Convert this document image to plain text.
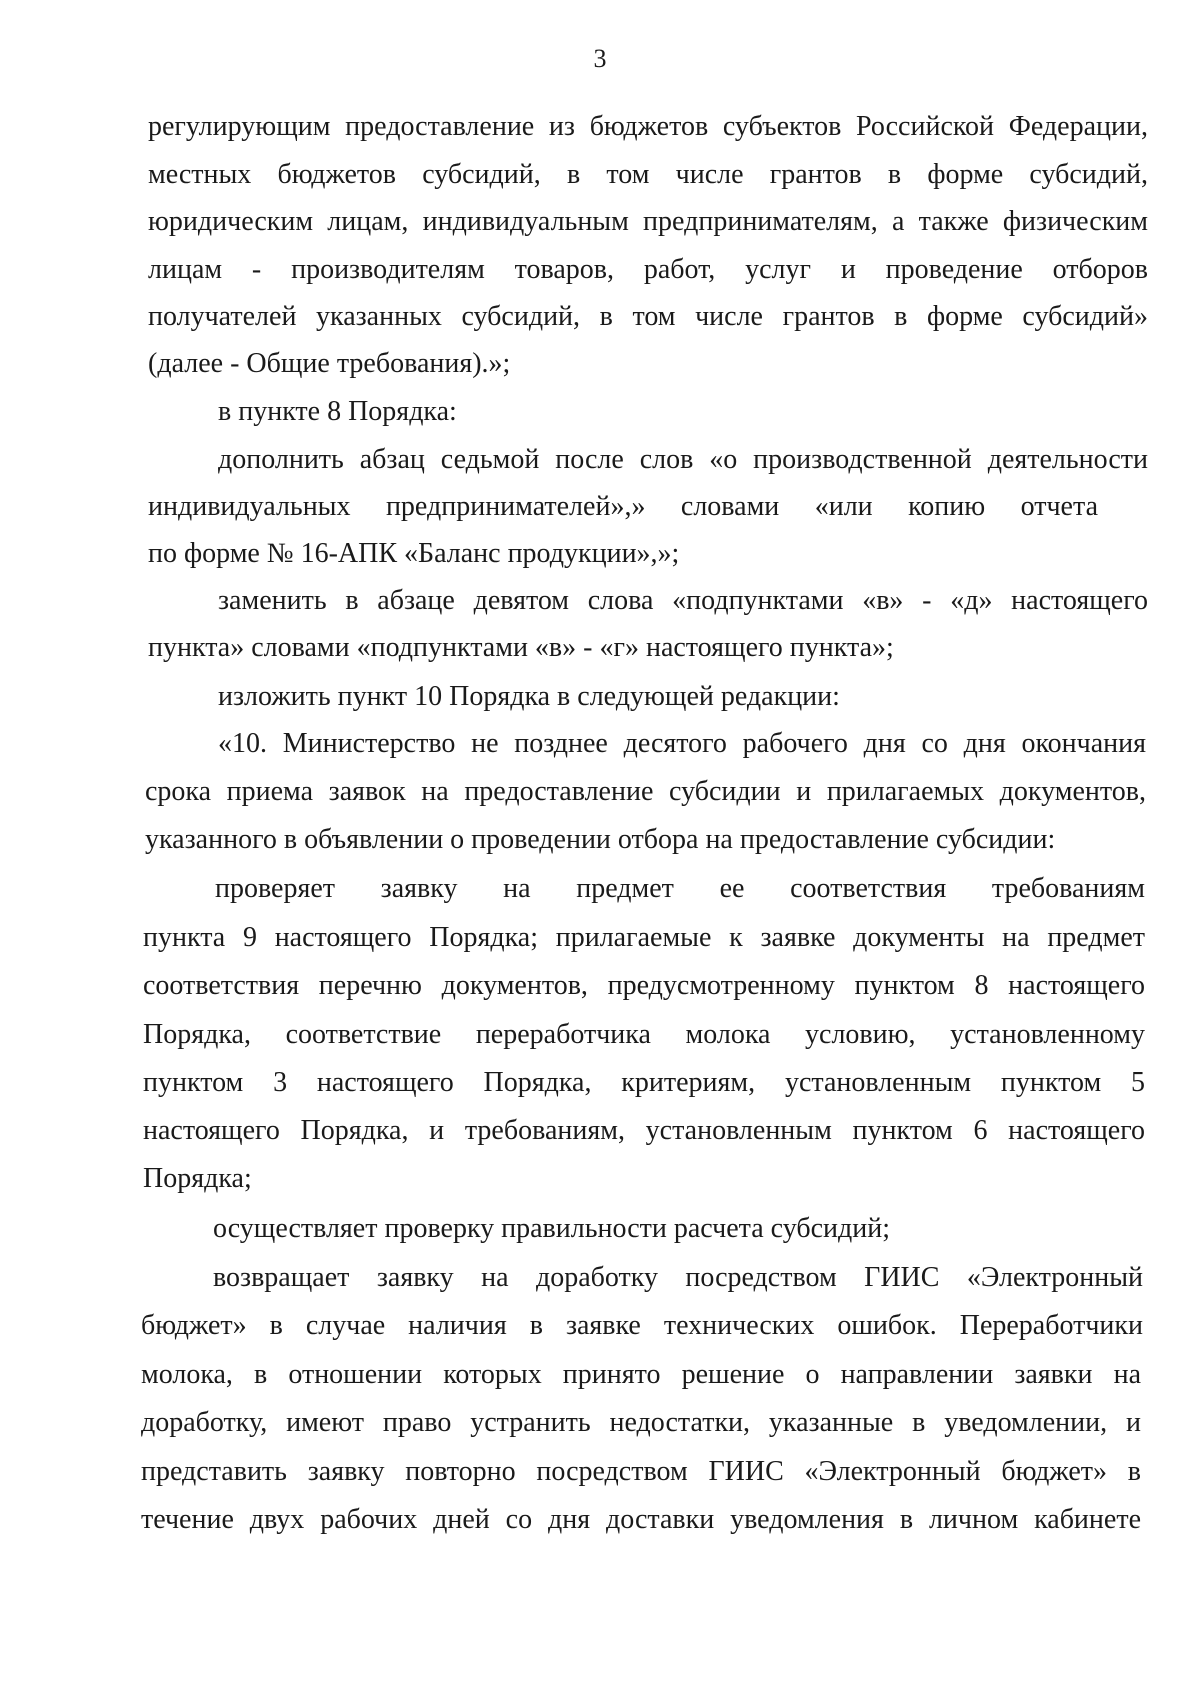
3
регулирующим предоставление из бюджетов субъектов Российской Федерации,
местных бюджетов субсидий, в том числе грантов в форме субсидий,
юридическим лицам, индивидуальным предпринимателям, а также физическим
лицам - производителям товаров, работ, услуг и проведение отборов
получателей указанных субсидий, в том числе грантов в форме субсидий»
(далее - Общие требования).»;
в пункте 8 Порядка:
дополнить абзац седьмой после слов «о производственной деятельности
индивидуальных предпринимателей»,» словами «или копию отчета
по форме № 16-АПК «Баланс продукции»,»;
заменить в абзаце девятом слова «подпунктами «в» - «д» настоящего
пункта» словами «подпунктами «в» - «г» настоящего пункта»;
изложить пункт 10 Порядка в следующей редакции:
«10. Министерство не позднее десятого рабочего дня со дня окончания
срока приема заявок на предоставление субсидии и прилагаемых документов,
указанного в объявлении о проведении отбора на предоставление субсидии:
проверяет заявку на предмет ее соответствия требованиям
пункта 9 настоящего Порядка; прилагаемые к заявке документы на предмет
соответствия перечню документов, предусмотренному пунктом 8 настоящего
Порядка, соответствие переработчика молока условию, установленному
пунктом 3 настоящего Порядка, критериям, установленным пунктом 5
настоящего Порядка, и требованиям, установленным пунктом 6 настоящего
Порядка;
осуществляет проверку правильности расчета субсидий;
возвращает заявку на доработку посредством ГИИС «Электронный
бюджет» в случае наличия в заявке технических ошибок. Переработчики
молока, в отношении которых принято решение о направлении заявки на
доработку, имеют право устранить недостатки, указанные в уведомлении, и
представить заявку повторно посредством ГИИС «Электронный бюджет» в
течение двух рабочих дней со дня доставки уведомления в личном кабинете
